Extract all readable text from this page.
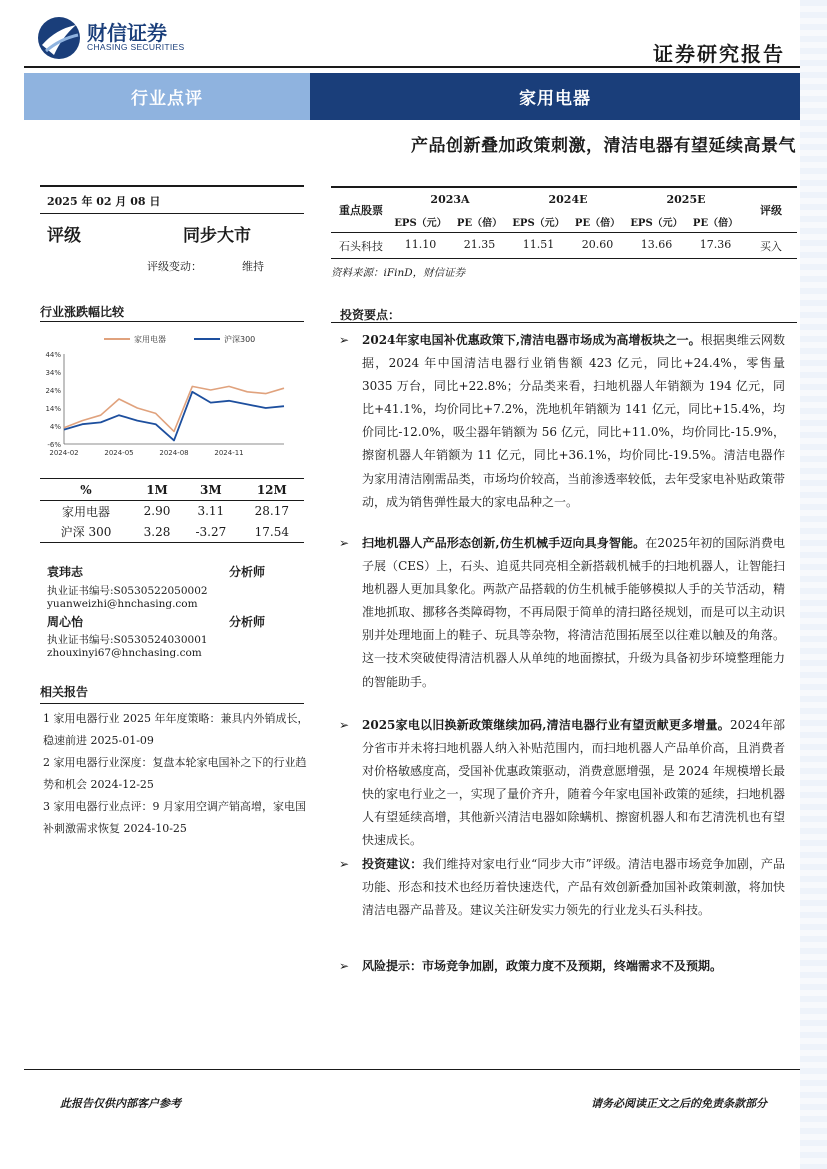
财信证券
CHASING SECURITIES	证券研究报告
行业点评	家用电器
产品创新叠加政策刺激，清洁电器有望延续高景气
2025 年 02 月 08 日
评级	同步大市
评级变动：	维持
行业涨跌幅比较
44%
34%
24%
14%
4%
-6%
2024-02	2024-05	2024-08	2024-11
家用电器	沪深300
%	1M	3M	12M
家用电器	2.90	3.11	28.17
沪深 300	3.28	-3.27	17.54
袁玮志	分析师
执业证书编号:S0530522050002
yuanweizhi@hnchasing.com
周心怡	分析师
执业证书编号:S0530524030001
zhouxinyi67@hnchasing.com
相关报告
1 家用电器行业 2025 年年度策略：兼具内外销成长，稳速前进 2025-01-09
2 家用电器行业深度：复盘本轮家电国补之下的行业趋势和机会 2024-12-25
3 家用电器行业点评：9 月家用空调产销高增，家电国补刺激需求恢复 2024-10-25
重点股票
2023A	2024E	2025E
评级
EPS（元）	PE（倍）	EPS（元）	PE（倍）	EPS（元）	PE（倍）
石头科技	11.10	21.35	11.51	20.60	13.66	17.36	买入
资料来源：iFinD，财信证券
投资要点：
➢	2024年家电国补优惠政策下,清洁电器市场成为高增板块之一。根据奥维云网数据，2024 年中国清洁电器行业销售额 423 亿元，同比+24.4%，零售量 3035 万台，同比+22.8%；分品类来看，扫地机器人年销额为 194 亿元，同比+41.1%，均价同比+7.2%，洗地机年销额为 141 亿元，同比+15.4%，均价同比-12.0%，吸尘器年销额为 56 亿元，同比+11.0%，均价同比-15.9%，擦窗机器人年销额为 11 亿元，同比+36.1%，均价同比-19.5%。清洁电器作为家用清洁刚需品类，市场均价较高，当前渗透率较低，去年受家电补贴政策带动，成为销售弹性最大的家电品种之一。
➢	扫地机器人产品形态创新,仿生机械手迈向具身智能。在2025年初的国际消费电子展（CES）上，石头、追觅共同亮相全新搭载机械手的扫地机器人，让智能扫地机器人更加具象化。两款产品搭载的仿生机械手能够模拟人手的关节活动，精准地抓取、挪移各类障碍物，不再局限于简单的清扫路径规划，而是可以主动识别并处理地面上的鞋子、玩具等杂物，将清洁范围拓展至以往难以触及的角落。这一技术突破使得清洁机器人从单纯的地面擦拭，升级为具备初步环境整理能力的智能助手。
➢	2025家电以旧换新政策继续加码,清洁电器行业有望贡献更多增量。2024年部分省市并未将扫地机器人纳入补贴范围内，而扫地机器人产品单价高，且消费者对价格敏感度高，受国补优惠政策驱动，消费意愿增强，是 2024 年规模增长最快的家电行业之一，实现了量价齐升，随着今年家电国补政策的延续，扫地机器人有望延续高增，其他新兴清洁电器如除螨机、擦窗机器人和布艺清洗机也有望快速成长。
➢	投资建议：我们维持对家电行业“同步大市”评级。清洁电器市场竞争加剧，产品功能、形态和技术也经历着快速迭代，产品有效创新叠加国补政策刺激，将加快清洁电器产品普及。建议关注研发实力领先的行业龙头石头科技。
➢	风险提示：市场竞争加剧，政策力度不及预期，终端需求不及预期。
此报告仅供内部客户参考	请务必阅读正文之后的免责条款部分
